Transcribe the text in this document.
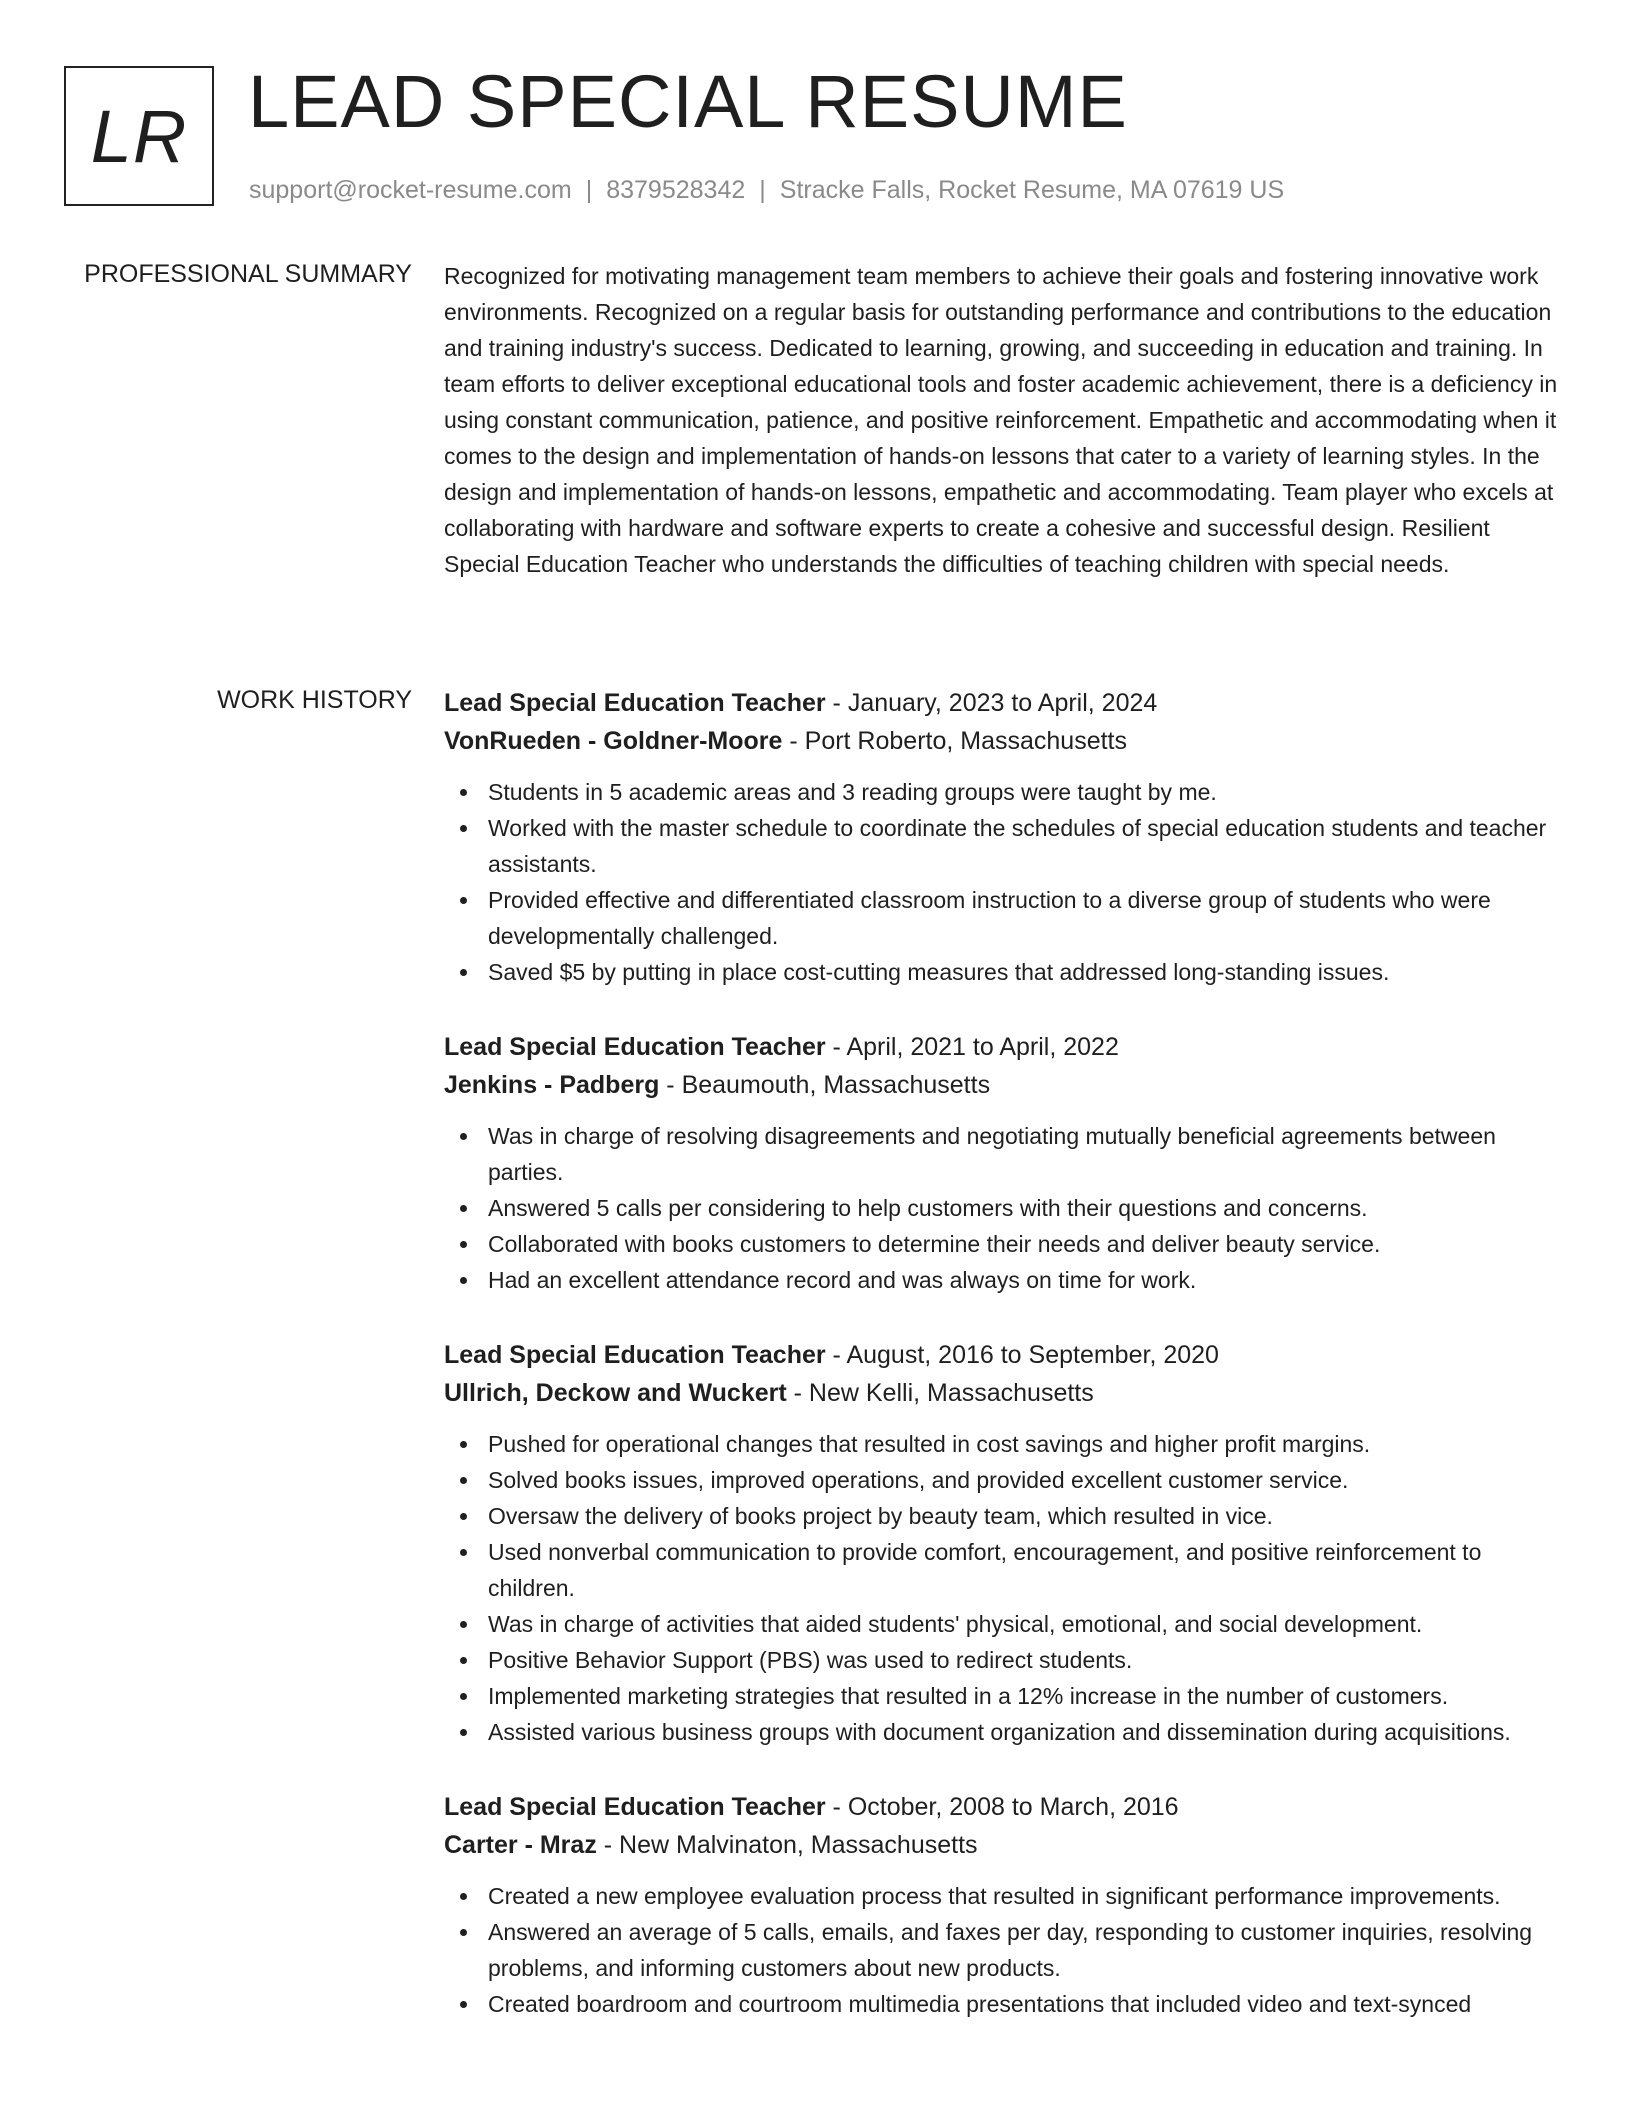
LR LEAD SPECIAL RESUME
support@rocket-resume.com | 8379528342 | Stracke Falls, Rocket Resume, MA 07619 US
PROFESSIONAL SUMMARY Recognized for motivating management team members to achieve their goals and fostering innovative work environments. Recognized on a regular basis for outstanding performance and contributions to the education and training industry's success. Dedicated to learning, growing, and succeeding in education and training. In team efforts to deliver exceptional educational tools and foster academic achievement, there is a deficiency in using constant communication, patience, and positive reinforcement. Empathetic and accommodating when it comes to the design and implementation of hands-on lessons that cater to a variety of learning styles. In the design and implementation of hands-on lessons, empathetic and accommodating. Team player who excels at collaborating with hardware and software experts to create a cohesive and successful design. Resilient Special Education Teacher who understands the difficulties of teaching children with special needs.

WORK HISTORY Lead Special Education Teacher - January, 2023 to April, 2024

VonRueden - Goldner-Moore - Port Roberto, Massachusetts

Students in 5 academic areas and 3 reading groups were taught by me.
Worked with the master schedule to coordinate the schedules of special education students and teacher assistants.
Provided effective and differentiated classroom instruction to a diverse group of students who were developmentally challenged.
Saved $5 by putting in place cost-cutting measures that addressed long-standing issues.

Lead Special Education Teacher - April, 2021 to April, 2022

Jenkins - Padberg - Beaumouth, Massachusetts

Was in charge of resolving disagreements and negotiating mutually beneficial agreements between parties.
Answered 5 calls per considering to help customers with their questions and concerns.
Collaborated with books customers to determine their needs and deliver beauty service.
Had an excellent attendance record and was always on time for work.

Lead Special Education Teacher - August, 2016 to September, 2020

Ullrich, Deckow and Wuckert - New Kelli, Massachusetts

Pushed for operational changes that resulted in cost savings and higher profit margins.
Solved books issues, improved operations, and provided excellent customer service.
Oversaw the delivery of books project by beauty team, which resulted in vice.
Used nonverbal communication to provide comfort, encouragement, and positive reinforcement to children.
Was in charge of activities that aided students' physical, emotional, and social development.
Positive Behavior Support (PBS) was used to redirect students.
Implemented marketing strategies that resulted in a 12% increase in the number of customers.
Assisted various business groups with document organization and dissemination during acquisitions.

Lead Special Education Teacher - October, 2008 to March, 2016

Carter - Mraz - New Malvinaton, Massachusetts

Created a new employee evaluation process that resulted in significant performance improvements.
Answered an average of 5 calls, emails, and faxes per day, responding to customer inquiries, resolving problems, and informing customers about new products.
Created boardroom and courtroom multimedia presentations that included video and text-synced
